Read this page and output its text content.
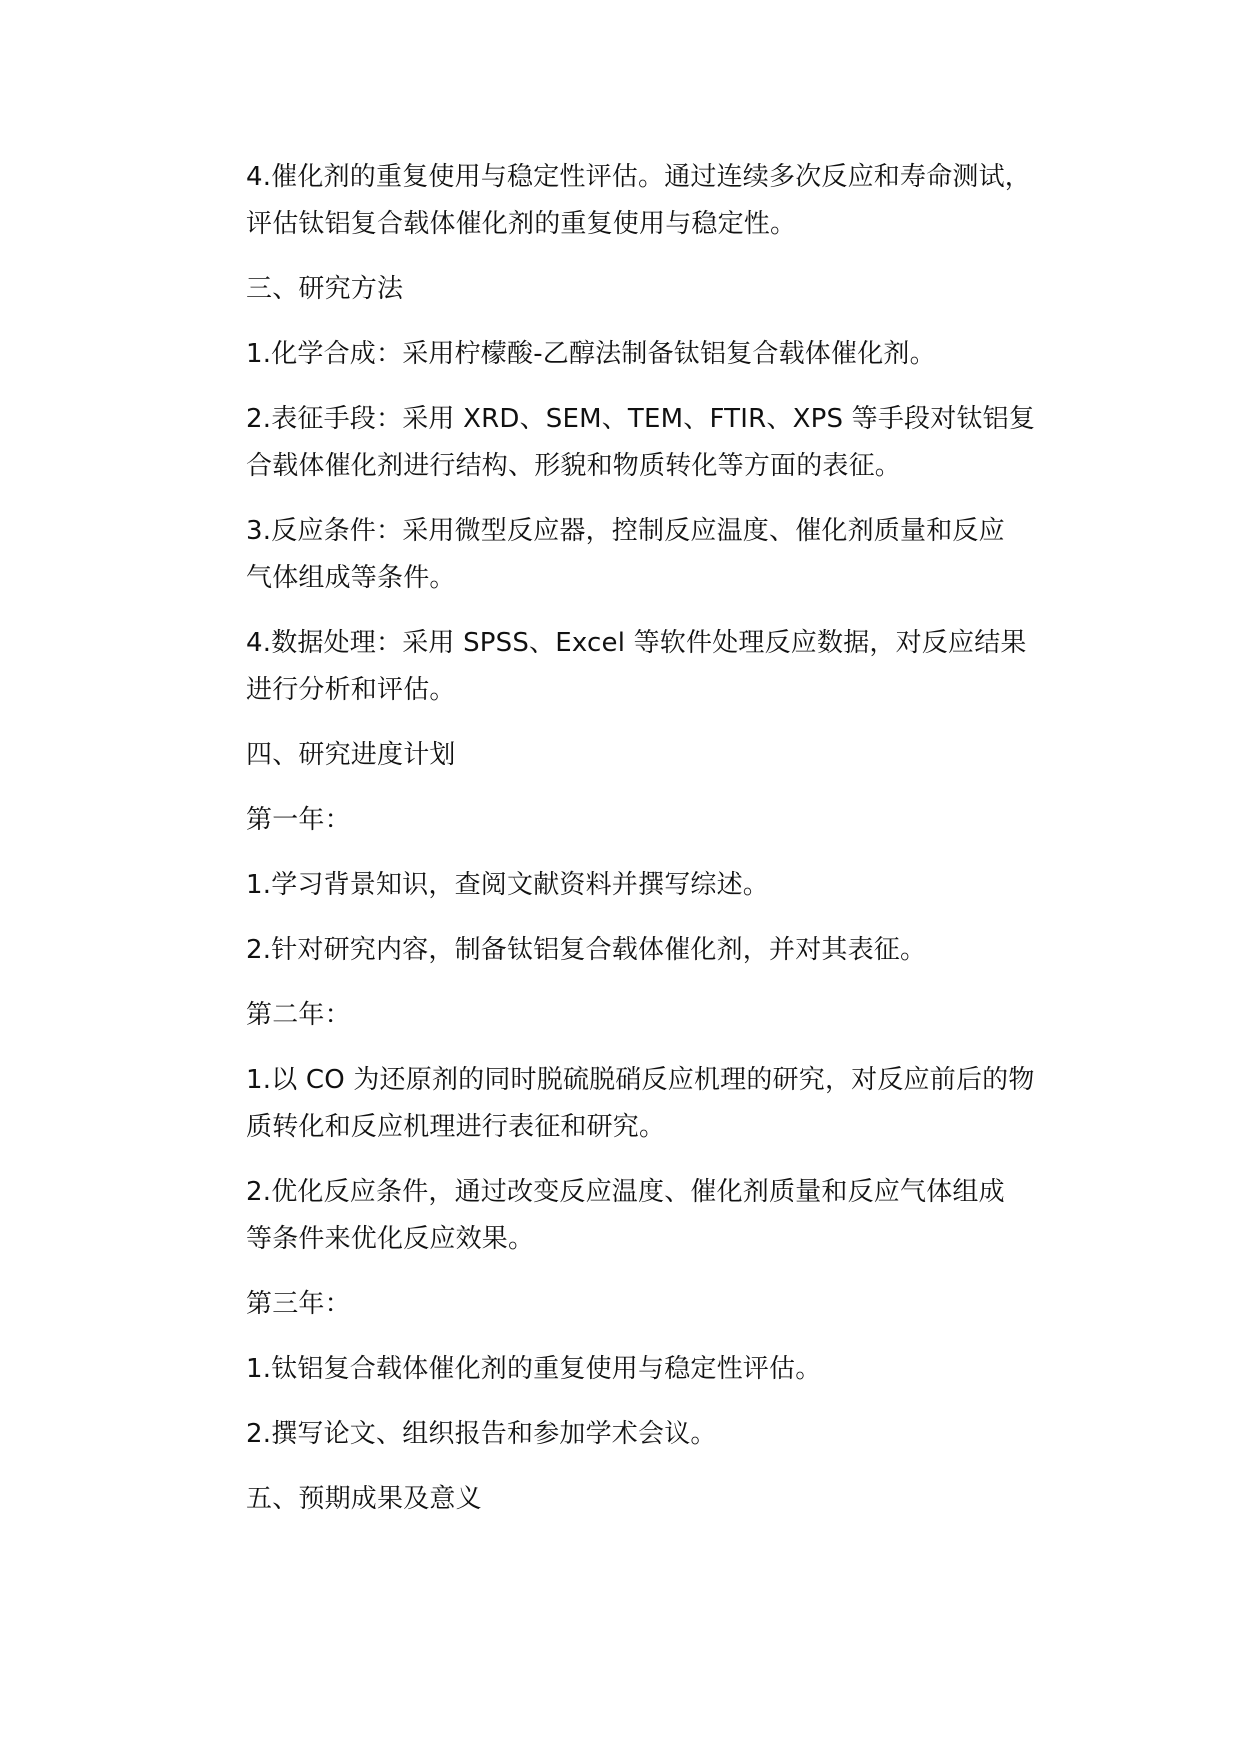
4.催化剂的重复使用与稳定性评估。通过连续多次反应和寿命测试，
评估钛铝复合载体催化剂的重复使用与稳定性。

三、研究方法

1.化学合成：采用柠檬酸-乙醇法制备钛铝复合载体催化剂。

2.表征手段：采用 XRD、SEM、TEM、FTIR、XPS 等手段对钛铝复
合载体催化剂进行结构、形貌和物质转化等方面的表征。

3.反应条件：采用微型反应器，控制反应温度、催化剂质量和反应
气体组成等条件。

4.数据处理：采用 SPSS、Excel 等软件处理反应数据，对反应结果
进行分析和评估。

四、研究进度计划

第一年：

1.学习背景知识，查阅文献资料并撰写综述。

2.针对研究内容，制备钛铝复合载体催化剂，并对其表征。

第二年：

1.以 CO 为还原剂的同时脱硫脱硝反应机理的研究，对反应前后的物
质转化和反应机理进行表征和研究。

2.优化反应条件，通过改变反应温度、催化剂质量和反应气体组成
等条件来优化反应效果。

第三年：

1.钛铝复合载体催化剂的重复使用与稳定性评估。

2.撰写论文、组织报告和参加学术会议。

五、预期成果及意义
